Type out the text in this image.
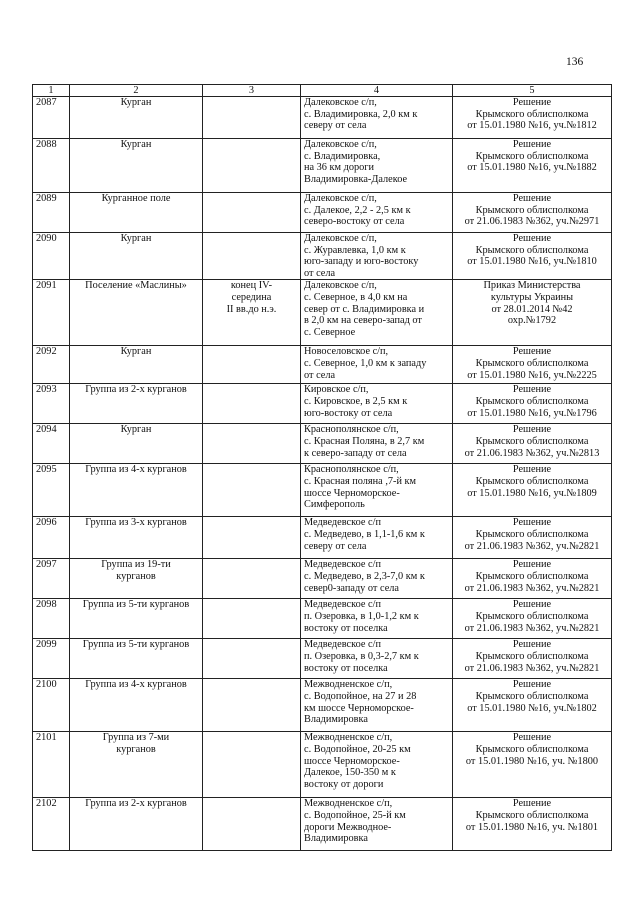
136
1	2	3	4	5
2087	Курган		Далековское с/п,
с. Владимировка, 2,0 км к
северу от села	Решение
Крымского облисполкома
от 15.01.1980 №16, уч.№1812

2088	Курган		Далековское с/п,
с. Владимировка,
на 36 км дороги
Владимировка-Далекое	Решение
Крымского облисполкома
от 15.01.1980 №16, уч.№1882

2089	Курганное поле		Далековское с/п,
с. Далекое, 2,2 - 2,5 км к
северо-востоку от села	Решение
Крымского облисполкома
от 21.06.1983 №362, уч.№2971

2090	Курган		Далековское с/п,
с. Журавлевка, 1,0 км к
юго-западу и юго-востоку
от села	Решение
Крымского облисполкома
от 15.01.1980 №16, уч.№1810

2091	Поселение «Маслины»	конец IV-
середина
II вв.до н.э.	Далековское с/п,
с. Северное, в 4,0 км на
север от с. Владимировка и
в 2,0 км на северо-запад от
с. Северное	Приказ Министерства
культуры Украины
от 28.01.2014 №42
охр.№1792

2092	Курган		Новоселовское с/п,
с. Северное, 1,0 км к западу
от села	Решение
Крымского облисполкома
от 15.01.1980 №16, уч.№2225

2093	Группа из 2-х курганов		Кировское с/п,
с. Кировское, в 2,5 км к
юго-востоку от села	Решение
Крымского облисполкома
от 15.01.1980 №16, уч.№1796

2094	Курган		Краснополянское с/п,
с. Красная Поляна, в 2,7 км
к северо-западу от села	Решение
Крымского облисполкома
от 21.06.1983 №362, уч.№2813

2095	Группа из 4-х курганов		Краснополянское с/п,
с. Красная поляна ,7-й км
шоссе Черноморское-
Симферополь	Решение
Крымского облисполкома
от 15.01.1980 №16, уч.№1809

2096	Группа из 3-х курганов		Медведевское с/п
с. Медведево, в 1,1-1,6 км к
северу от села	Решение
Крымского облисполкома
от 21.06.1983 №362, уч.№2821

2097	Группа из 19-ти
курганов		Медведевское с/п
с. Медведево, в 2,3-7,0 км к
север0-западу от села	Решение
Крымского облисполкома
от 21.06.1983 №362, уч.№2821

2098	Группа из 5-ти курганов		Медведевское с/п
п. Озеровка, в 1,0-1,2 км к
востоку от поселка	Решение
Крымского облисполкома
от 21.06.1983 №362, уч.№2821

2099	Группа из 5-ти курганов		Медведевское с/п
п. Озеровка, в 0,3-2,7 км к
востоку от поселка	Решение
Крымского облисполкома
от 21.06.1983 №362, уч.№2821

2100	Группа из 4-х курганов		Межводненское с/п,
с. Водопойное, на 27 и 28
км шоссе Черноморское-
Владимировка	Решение
Крымского облисполкома
от 15.01.1980 №16, уч.№1802

2101	Группа из 7-ми
курганов		Межводненское с/п,
с. Водопойное, 20-25 км
шоссе Черноморское-
Далекое, 150-350 м к
востоку от дороги	Решение
Крымского облисполкома
от 15.01.1980 №16, уч. №1800

2102	Группа из 2-х курганов		Межводненское с/п,
с. Водопойное, 25-й км
дороги Межводное-
Владимировка	Решение
Крымского облисполкома
от 15.01.1980 №16, уч. №1801
